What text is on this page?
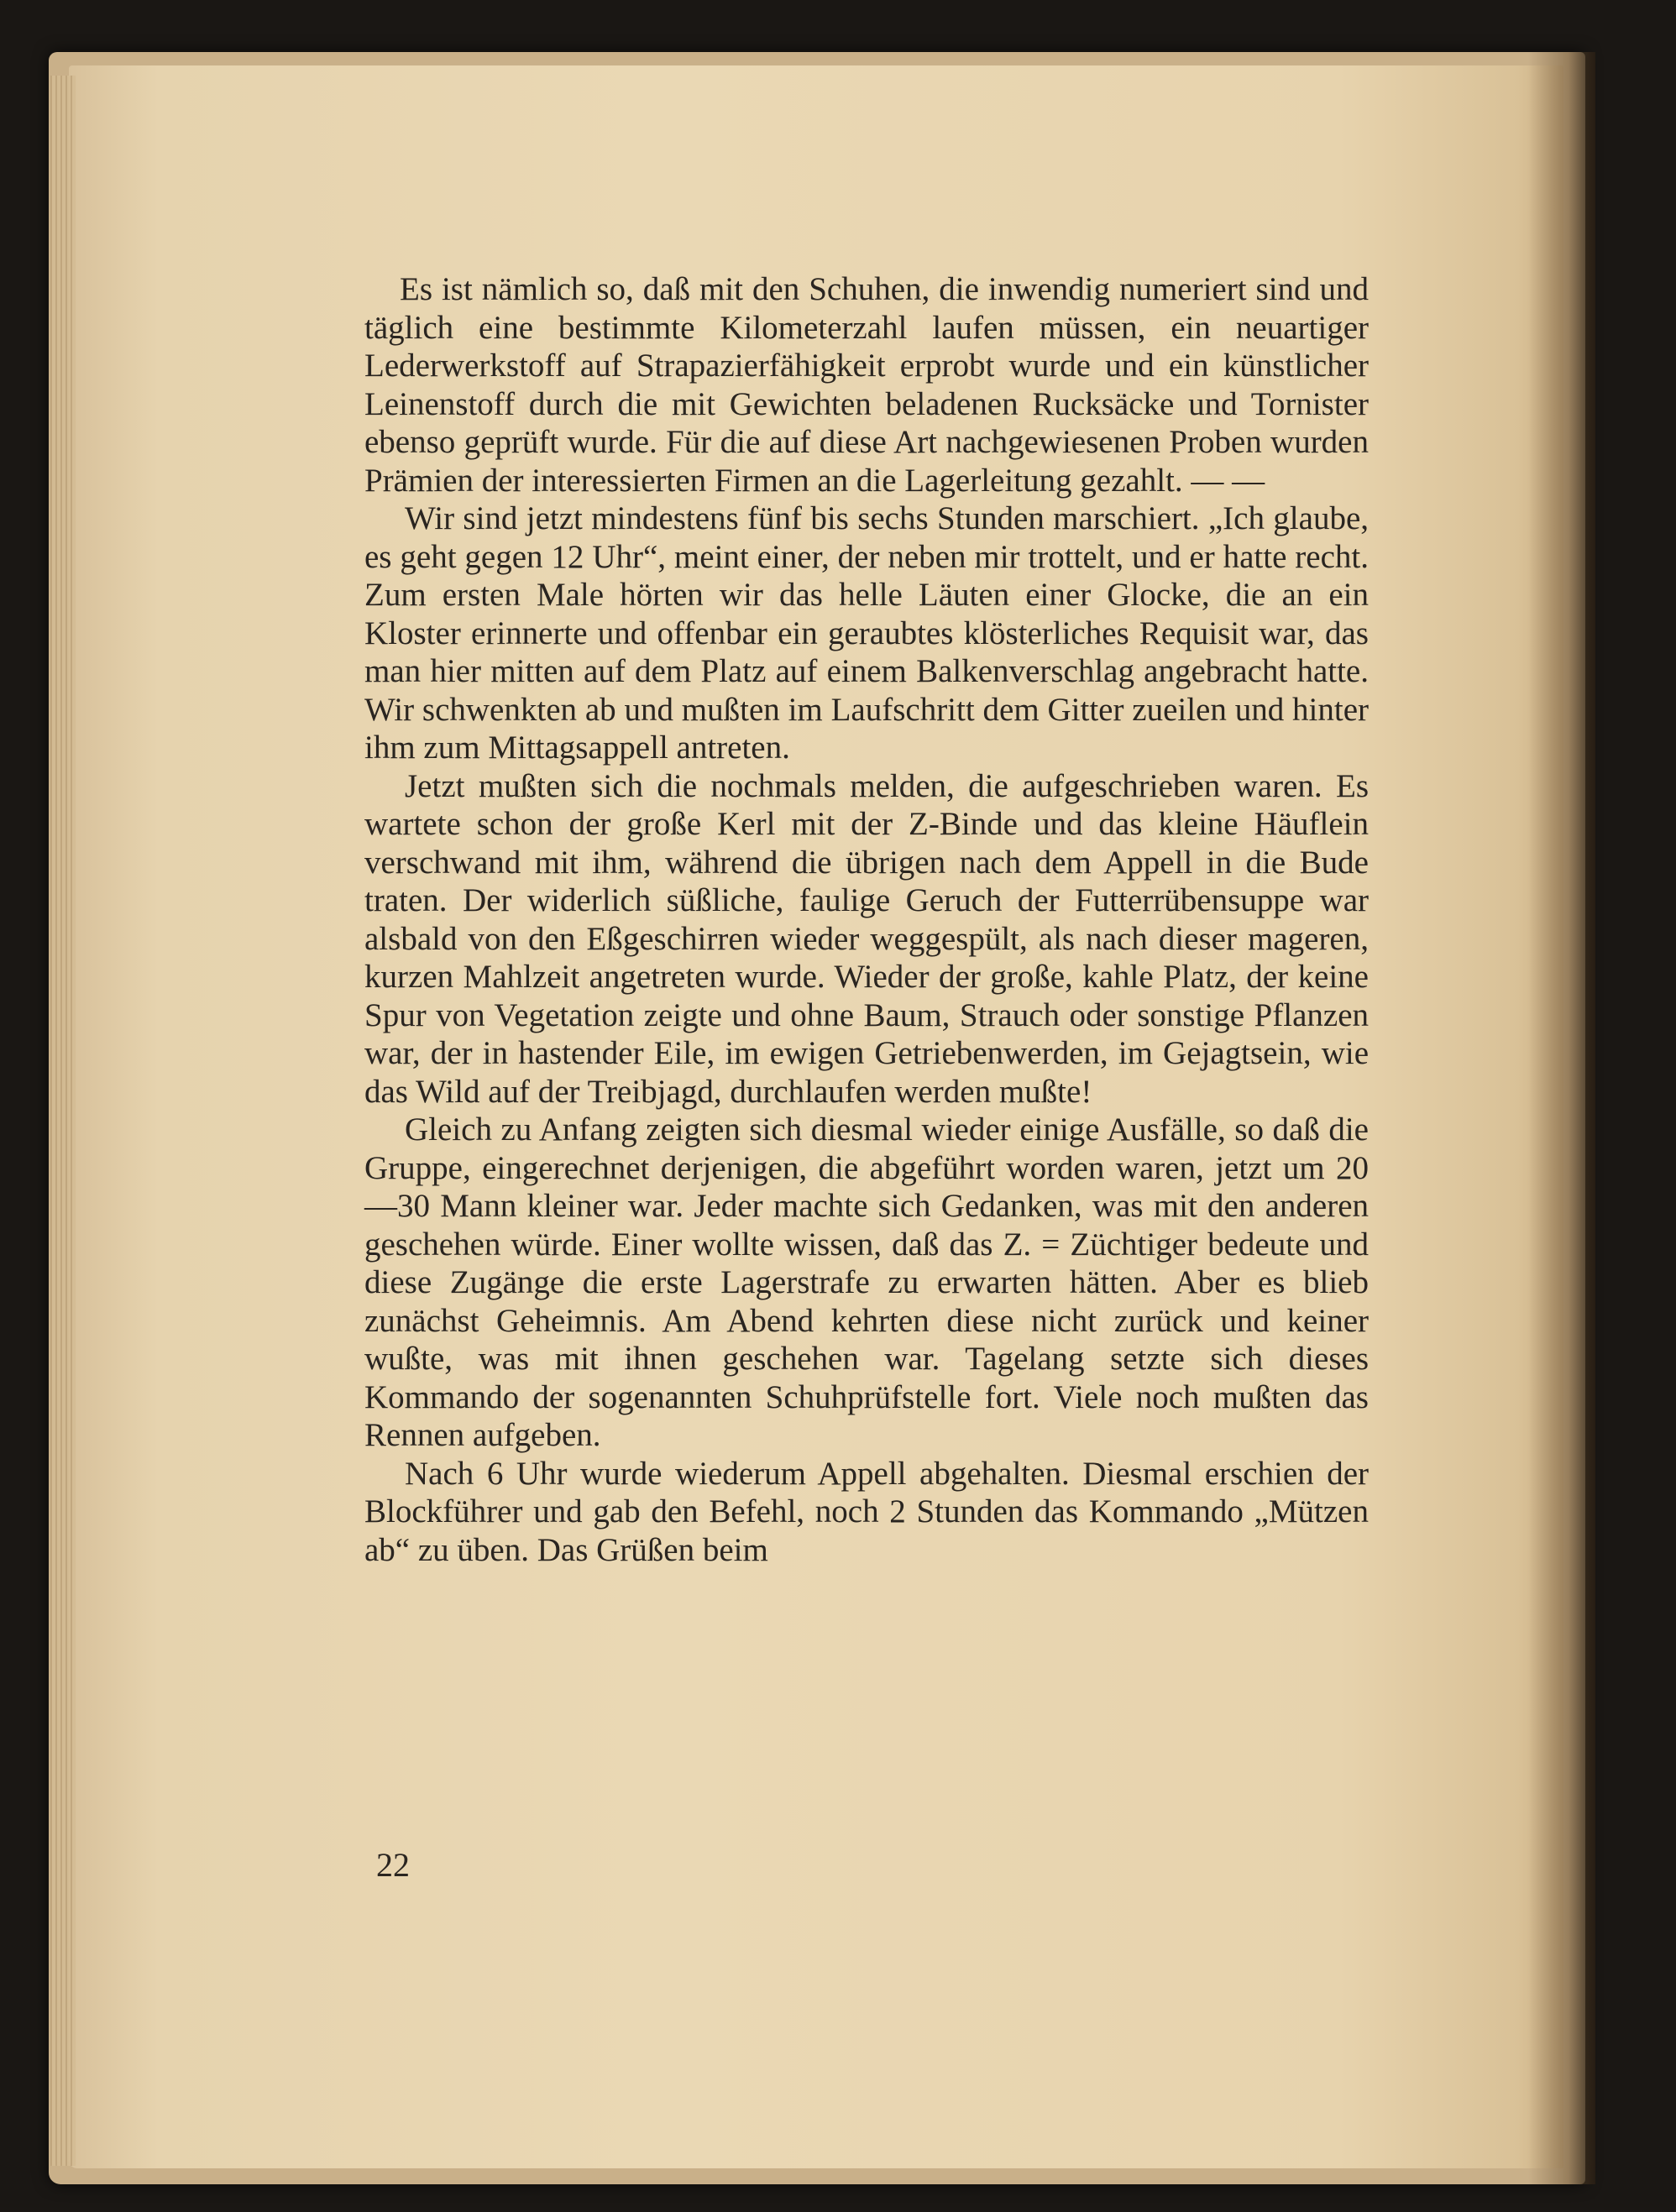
Es ist nämlich so, daß mit den Schuhen, die inwendig numeriert sind und täglich eine bestimmte Kilometerzahl laufen müssen, ein neuartiger Lederwerkstoff auf Strapazierfähigkeit erprobt wurde und ein künstlicher Leinenstoff durch die mit Gewichten beladenen Rucksäcke und Tornister ebenso geprüft wurde. Für die auf diese Art nachgewiesenen Proben wurden Prämien der interessierten Firmen an die Lagerleitung gezahlt. — —

Wir sind jetzt mindestens fünf bis sechs Stunden marschiert. „Ich glaube, es geht gegen 12 Uhr“, meint einer, der neben mir trottelt, und er hatte recht. Zum ersten Male hörten wir das helle Läuten einer Glocke, die an ein Kloster erinnerte und offenbar ein geraubtes klösterliches Requisit war, das man hier mitten auf dem Platz auf einem Balkenverschlag angebracht hatte. Wir schwenkten ab und mußten im Laufschritt dem Gitter zueilen und hinter ihm zum Mittagsappell antreten.

Jetzt mußten sich die nochmals melden, die aufgeschrieben waren. Es wartete schon der große Kerl mit der Z-Binde und das kleine Häuflein verschwand mit ihm, während die übrigen nach dem Appell in die Bude traten. Der widerlich süßliche, faulige Geruch der Futterrübensuppe war alsbald von den Eßgeschirren wieder weggespült, als nach dieser mageren, kurzen Mahlzeit angetreten wurde. Wieder der große, kahle Platz, der keine Spur von Vegetation zeigte und ohne Baum, Strauch oder sonstige Pflanzen war, der in hastender Eile, im ewigen Getriebenwerden, im Gejagtsein, wie das Wild auf der Treibjagd, durchlaufen werden mußte!

Gleich zu Anfang zeigten sich diesmal wieder einige Ausfälle, so daß die Gruppe, eingerechnet derjenigen, die abgeführt worden waren, jetzt um 20—30 Mann kleiner war. Jeder machte sich Gedanken, was mit den anderen geschehen würde. Einer wollte wissen, daß das Z. = Züchtiger bedeute und diese Zugänge die erste Lagerstrafe zu erwarten hätten. Aber es blieb zunächst Geheimnis. Am Abend kehrten diese nicht zurück und keiner wußte, was mit ihnen geschehen war. Tagelang setzte sich dieses Kommando der sogenannten Schuhprüfstelle fort. Viele noch mußten das Rennen aufgeben.

Nach 6 Uhr wurde wiederum Appell abgehalten. Diesmal erschien der Blockführer und gab den Befehl, noch 2 Stunden das Kommando „Mützen ab“ zu üben. Das Grüßen beim

22
